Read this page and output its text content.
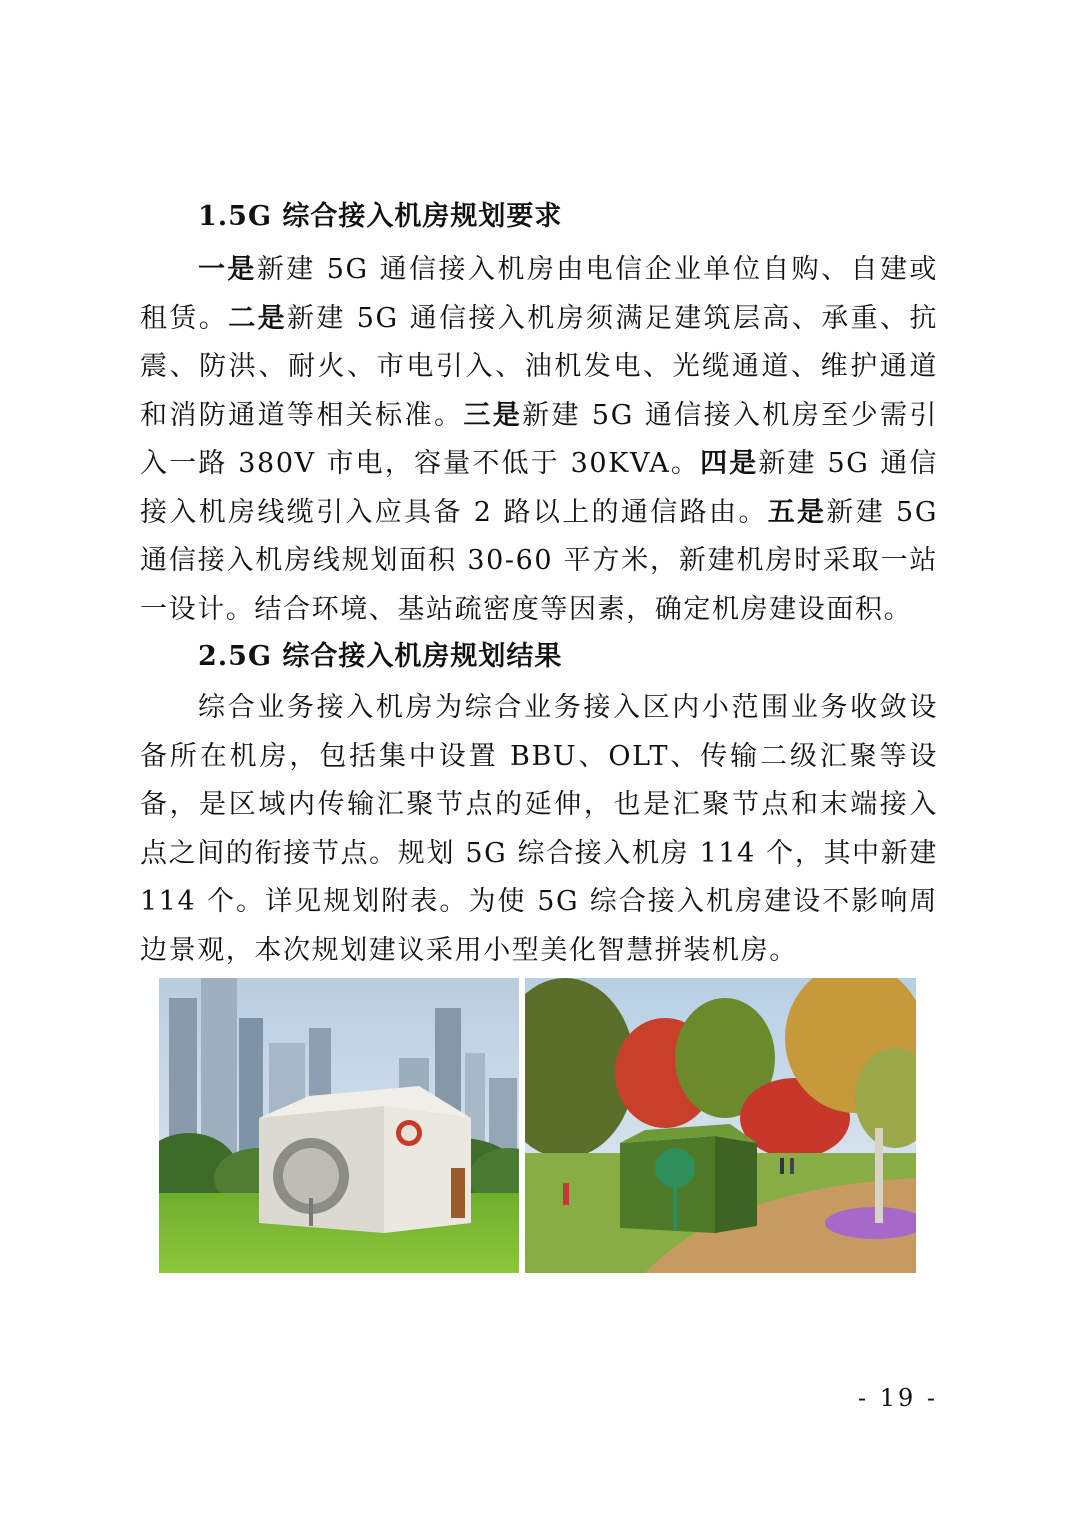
1.5G 综合接入机房规划要求
一是新建 5G 通信接入机房由电信企业单位自购、自建或租赁。二是新建 5G 通信接入机房须满足建筑层高、承重、抗震、防洪、耐火、市电引入、油机发电、光缆通道、维护通道和消防通道等相关标准。三是新建 5G 通信接入机房至少需引入一路 380V 市电，容量不低于 30KVA。四是新建 5G 通信接入机房线缆引入应具备 2 路以上的通信路由。五是新建 5G 通信接入机房线规划面积 30-60 平方米，新建机房时采取一站一设计。结合环境、基站疏密度等因素，确定机房建设面积。
2.5G 综合接入机房规划结果
综合业务接入机房为综合业务接入区内小范围业务收敛设备所在机房，包括集中设置 BBU、OLT、传输二级汇聚等设备，是区域内传输汇聚节点的延伸，也是汇聚节点和末端接入点之间的衔接节点。规划 5G 综合接入机房 114 个，其中新建 114 个。详见规划附表。为使 5G 综合接入机房建设不影响周边景观，本次规划建议采用小型美化智慧拼装机房。
- 19 -
